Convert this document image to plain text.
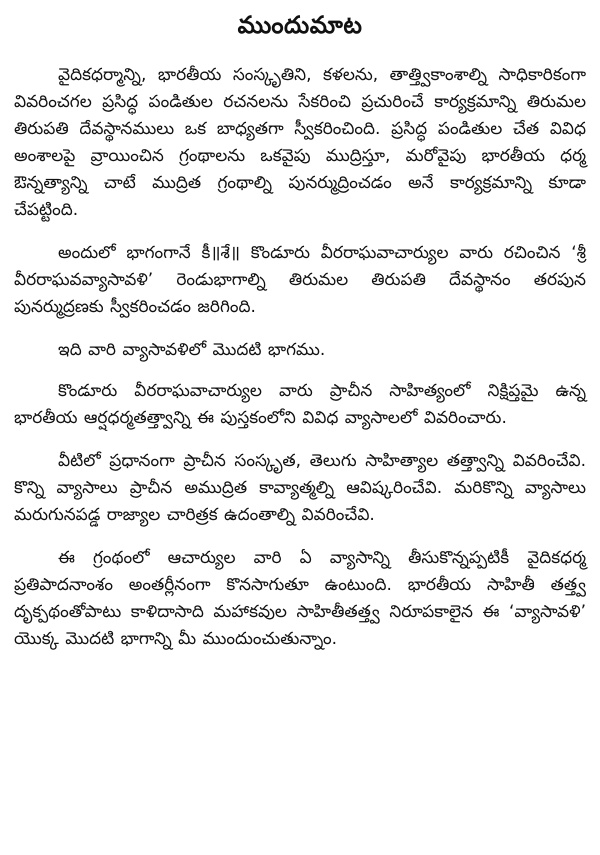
ముందుమాట

వైదికధర్మాన్ని, భారతీయ సంస్కృతిని, కళలను, తాత్త్వికాంశాల్ని సాధికారికంగా వివరించగల ప్రసిద్ధ పండితుల రచనలను సేకరించి ప్రచురించే కార్యక్రమాన్ని తిరుమల తిరుపతి దేవస్థానములు ఒక బాధ్యతగా స్వీకరించింది. ప్రసిద్ధ పండితుల చేత వివిధ అంశాలపై వ్రాయించిన గ్రంథాలను ఒకవైపు ముద్రిస్తూ, మరోవైపు భారతీయ ధర్మ ఔన్నత్యాన్ని చాటే ముద్రిత గ్రంథాల్ని పునర్ముద్రించడం అనే కార్యక్రమాన్ని కూడా చేపట్టింది.

అందులో భాగంగానే కీ॥శే॥ కొండూరు వీరరాఘవాచార్యుల వారు రచించిన ‘శ్రీ వీరరాఘవవ్యాసావళి’ రెండుభాగాల్ని తిరుమల తిరుపతి దేవస్థానం తరపున పునర్ముద్రణకు స్వీకరించడం జరిగింది.

ఇది వారి వ్యాసావళిలో మొదటి భాగము.

కొండూరు వీరరాఘవాచార్యుల వారు ప్రాచీన సాహిత్యంలో నిక్షిప్తమై ఉన్న భారతీయ ఆర్షధర్మతత్త్వాన్ని ఈ పుస్తకంలోని వివిధ వ్యాసాలలో వివరించారు.

వీటిలో ప్రధానంగా ప్రాచీన సంస్కృత, తెలుగు సాహిత్యాల తత్త్వాన్ని వివరించేవి. కొన్ని వ్యాసాలు ప్రాచీన అముద్రిత కావ్యాత్మల్ని ఆవిష్కరించేవి. మరికొన్ని వ్యాసాలు మరుగునపడ్డ రాజ్యాల చారిత్రక ఉదంతాల్ని వివరించేవి.

ఈ గ్రంథంలో ఆచార్యుల వారి ఏ వ్యాసాన్ని తీసుకొన్నప్పటికీ వైదికధర్మ ప్రతిపాదనాంశం అంతర్లీనంగా కొనసాగుతూ ఉంటుంది. భారతీయ సాహితీ తత్త్వ దృక్పథంతోపాటు కాళిదాసాది మహాకవుల సాహితీతత్త్వ నిరూపకాలైన ఈ ‘వ్యాసావళి’ యొక్క మొదటి భాగాన్ని మీ ముందుంచుతున్నాం.
